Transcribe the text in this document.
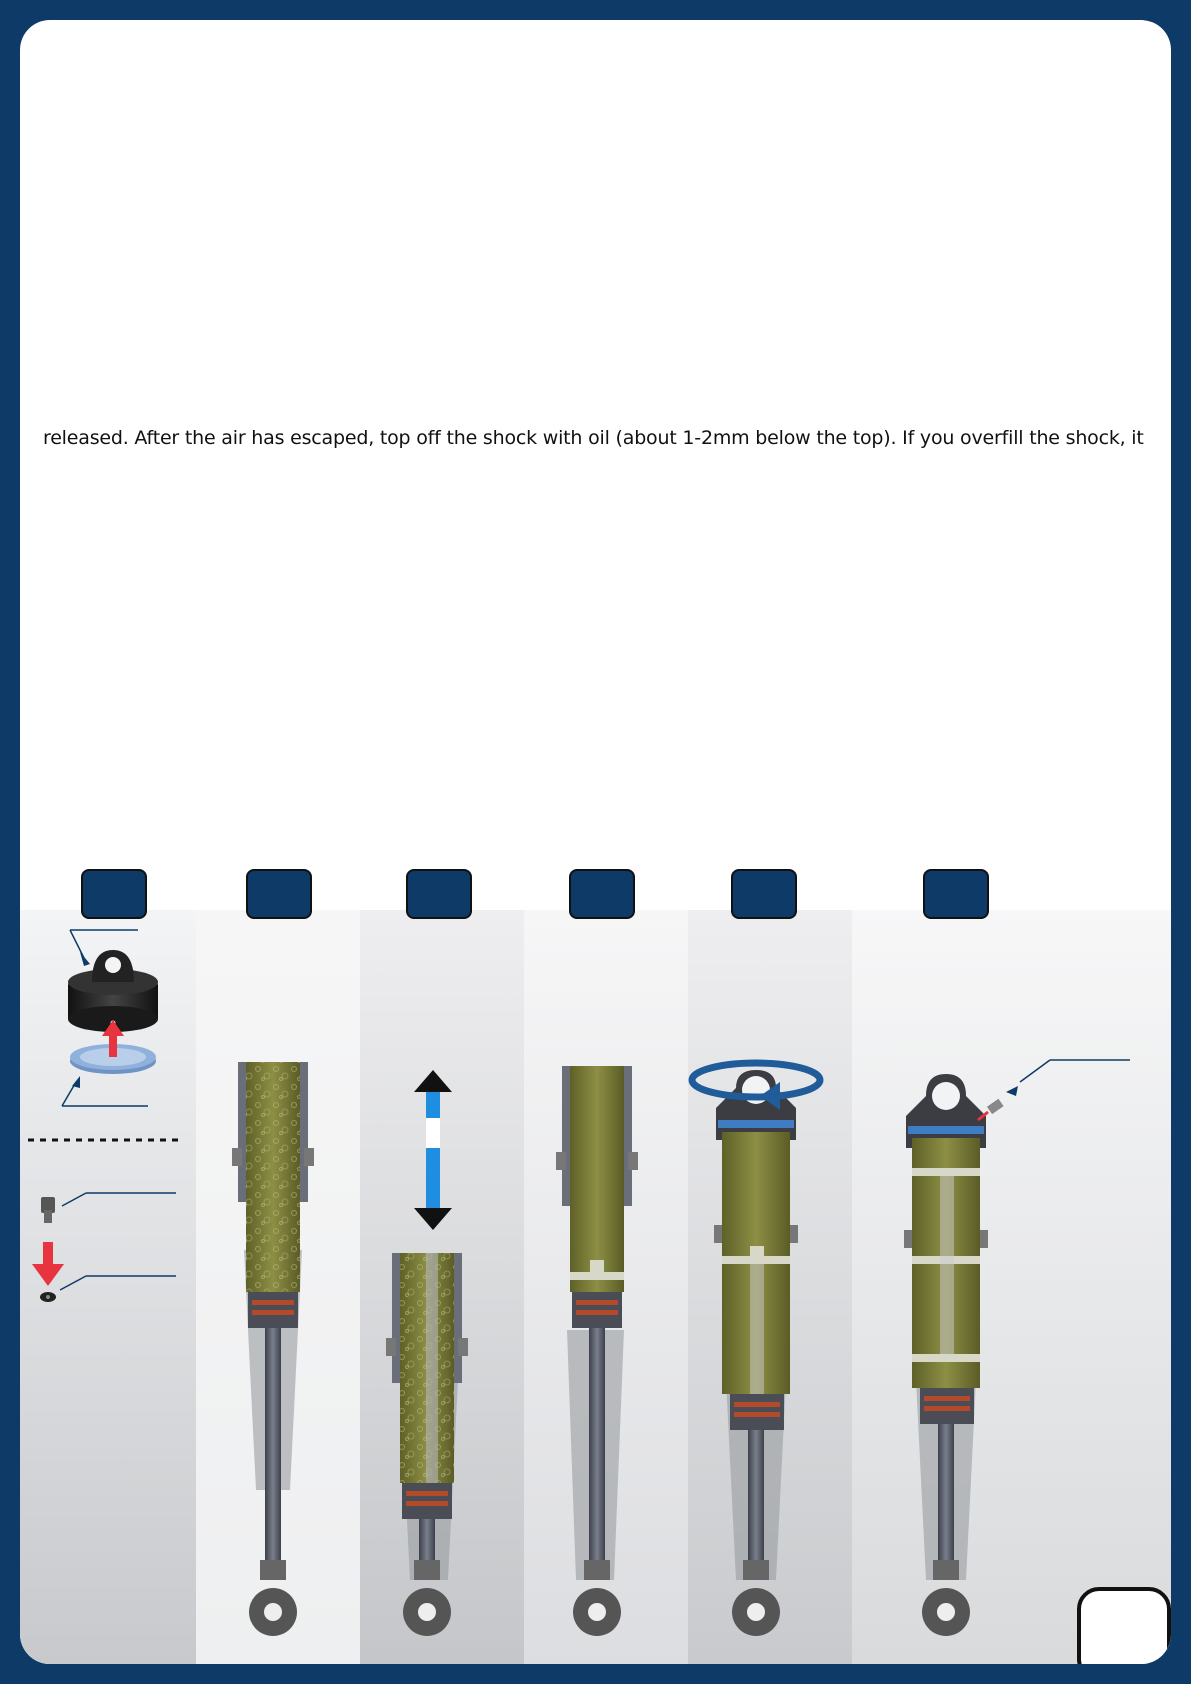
released. After the air has escaped, top off the shock with oil (about 1-2mm below the top). If you overfill the shock, it
